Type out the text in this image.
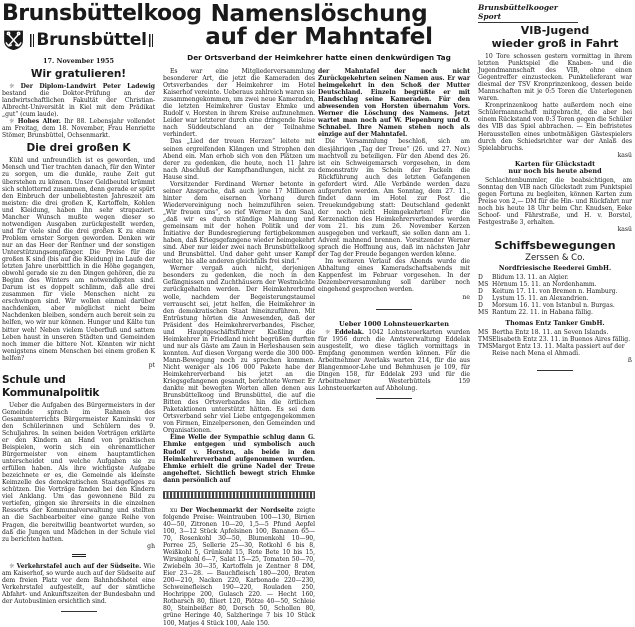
Brunsbüttelkoog
Brunsbüttel
17. November 1955
Wir gratulieren!

☼ Der Diplom-Landwirt Peter Ladewig bestand die Doktor-Prüfung an der landwirtschaftlichen Fakultät der Christian-Albrecht-Universität in Kiel mit dem Prädikat „gut“ (cum laude).

☼ Hohes Alter. Ihr 88. Lebensjahr vollendet am Freitag, dem 18. November, Frau Henriette Stömer, Brunsbüttel, Ochsenmarkt.

Die drei großen K

Kühl und unfreundlich ist es geworden, und Mensch und Tier trachten danach, für den Winter zu sorgen, um die dunkle, rauhe Zeit gut überstehen zu können. Unser Geldbeutel krümmt sich schlotternd zusammen, denn gerade er spürt den Einbruch der unbeliebtesten Jahreszeit am meisten: die drei großen K, Kartoffeln, Kohlen und Kleidung, haben ihn sehr strapaziert. Mancher Wunsch mußte wegen dieser so notwendigen Ausgaben zurückgestellt werden, und für viele sind die drei großen K zu einem Problem ernster Sorgen geworden. Denken wir nur an das Heer der Rentner und der sonstigen Unterstützungsempfänger. Die Preise für die großen K sind (bis auf die Kleidung) im Laufe der letzten Jahre unerbittlich in die Höhe gegangen, obwohl gerade sie zu den Dingen gehören, die zu Beginn des Winters am notwendigsten sind. Darum ist es doppelt schlimm, daß alle drei zusammen für viele Menschen nicht zu erschwingen sind. Wir wollen einmal darüber nachdenken, aber möglichst nicht beim Nachdenken bleiben, sondern auch bereit sein zu helfen, wo wir nur können. Hunger und Kälte tun bitter weh! Neben vielem Ueberfluß und sattem Leben haust in unseren Städten und Gemeinden noch immer die bittere Not. Könnten wir nicht wenigstens einem Menschen bei einem großen K helfen?

pt
Schule und Kommunalpolitik

Ueber die Aufgaben des Bürgermeisters in der Gemeinde sprach im Rahmen des Gesamtunterrichts Bürgermeister Kaminski vor den Schülerinnen und Schülern des 9. Schuljahres. In seinen beiden Vorträgen erklärte er den Kindern an Hand von praktischen Beispielen, worin sich ein ehrenamtlicher Bürgermeister von einem hauptamtlichen unterscheidet und welche Aufgaben sie zu erfüllen haben. Als ihre wichtigste Aufgabe bezeichnete er es, die Gemeinde als kleinste Keimzelle des demokratischen Staatsgefüges zu schützen. Die Vorträge fanden bei den Kindern viel Anklang. Um das gewonnene Bild zu vertiefen, gingen sie ihrerseits in die einzelnen Ressorts der Kommunalverwaltung und stellten an die Sachbearbeiter eine ganze Reihe von Fragen, die bereitwillig beantwortet wurden, so daß die Jungen und Mädchen in der Schule viel zu berichten hatten.

gh

☼ Verkehrstafel auch auf der Südseite. Wie am Kaiserhof, so wurde auch auf der Südseite auf dem freien Platz vor dem Bahnhofshotel eine Verkehrstafel aufgestellt, auf der sämtliche Abfahrt- und Ankunftszeiten der Bundesbahn und der Autobuslinien ersichtlich sind.

Namenslöschung
auf der Mahntafel
Der Ortsverband der Heimkehrer hatte einen denkwürdigen Tag

Es war eine Mitgliederversammlung besonderer Art, die jetzt die Kameraden des Ortsverbandes der Heimkehrer im Hotel Kaiserhof vereinte. Ueberaus zahlreich waren sie zusammengekommen, um zwei neue Kameraden, die letzten Heimkehrer Gustav Ehmke und Rudolf v. Horsten in ihrem Kreise aufzunehmen. Leider war letzterer durch eine dringende Reise nach Süddeutschland an der Teilnahme verhindert.

Das „Lied der treuen Herzen“ leitete mit seinen ergreifenden Klängen und Strophen den Abend ein. Man erhob sich von den Plätzen um derer zu gedenken, die heute, noch 11 Jahre nach Abschluß der Kampfhandlungen, nicht zu Hause sind.

Vorsitzender Ferdinand Werner betonte in seiner Ansprache, daß auch jene 17 Millionen hinter dem eisernen Vorhang durch Wiedervereinigung noch heimzuführen seien. „Wir freuen uns“, so rief Werner in den Saal, „daß wir es durch ständige Mahnung und gemeinsam mit der hohen Politik und der Initiative der Bundesregierung fertigbekommen haben, daß Kriegsgefangene wieder heimgekehrt sind. Aber nur leider zwei nach Brunsbüttelkoog und Brunsbüttel. Und daher geht unser Kampf weiter, bis alle anderen gleichfalls frei sind.“

Werner vergaß auch nicht, derjenigen besonders zu gedenken, die noch in den Gefängnissen und Zuchthäusern der Westmächte zurückgehalten werden. Der Heimkehrerbund wolle, nachdem der Begeisterungstaumel verrauscht sei, jetzt helfen, die Heimkehrer in den demokratischen Staat hineinzuführen. Mit Entrüstung hörten die Anwesenden, daß der Präsident des Heimkehrerverbandes, Fischer, und Hauptgeschäftsführer Kießling die Heimkehrer in Friedland nicht begrüßen durften und nur als Gäste am Zaun in Herleshausen sein konnten. Auf diesen Vorgang werde die 300 000-Mann-Bewegung noch zu sprechen kommen. Nicht weniger als 106 000 Pakete habe der Heimkehrerverband bis jetzt an die Kriegsgefangenen gesandt, berichtete Werner. Er dankte mit bewegten Worten allen denen aus Brunsbüttelkoog und Brunsbüttel, die auf die Bitten des Ortsverbandes hin die örtlichen Paketaktionen unterstützt hätten. Es sei dem Ortsverband sehr viel Liebe entgegengekommen von Firmen, Einzelpersonen, den Gemeinden und Organisationen.

Eine Welle der Sympathie schlug dann G. Ehmke entgegen und symbolisch auch Rudolf v. Horsten, als beide in den Heimkehrerverband aufgenommen wurden. Ehmke erhielt die grüne Nadel der Treue angeheftet. Sichtlich bewegt strich Ehmke dann persönlich auf

xu Der Wochenmarkt der Nordseite zeigte folgende Preise: Weintrauben 100—130, Birnen 40—50, Zitronen 10—20, 1,5—5 Pfund Aepfel 100, 3—12 Stück Apfelsinen 100, Bananen 65—70, Rosenkohl 30—50, Blumenkohl 10—90, Porree 25, Sellerie 25—30, Rotkohl 6 bis 8, Weißkohl 5, Grünkohl 15, Rote Bete 10 bis 15, Wirsingkohl 6—7, Salat 15—25, Tomaten 50—70, Zwiebeln 30—35, Kartoffeln je Zentner 8 DM, Eier 23—28. — Bauchfleisch 180—200, Braten 200—210, Nacken 220, Karbonade 220—230, Schweinefleisch 190—220, Rouladen 250, Hochrippe 200, Gulasch 220. — Hecht 160, Rotbarsch 80, filiert 120, Plötze 40—50, Schleie 80, Steinbeißer 80, Dorsch 50, Schollen 80, grüne Heringe 40, Salzheringe 7 bis 10 Stück 100, Matjes 4 Stück 100, Aale 150.

der Mahntafel der noch nicht Zurückgekehrten seinen Namen aus. Er war heimgekehrt in den Schoß der Mutter Deutschland. Einzeln begrüßte er mit Handschlag seine Kameraden. Für den abwesenden von Horsten übernahm Vors. Werner die Löschung des Namens. Jetzt wartet man noch auf W. Piepenburg und O. Schnabel. Ihre Namen stehen noch als einzige auf der Mahntafel.

Die Versammlung beschloß, sich am diesjährigen „Tag der Treue“ (26. und 27. Nov.) machtvoll zu beteiligen. Für den Abend des 26. ist ein Schweigemarsch vorgesehen, in dem demonstrativ im Schein der Fackeln die Rückführung auch des letzten Gefangenen gefordert wird. Alle Verbände werden dazu aufgerufen werden. Am Sonntag, dem 27. 11., findet dann im Hotel zur Post die Treuekundgebung statt: Deutschland gedenkt der noch nicht Heimgekehrten! Für die Kerzenaktion des Heimkehrerverbandes werden vom 21. bis zum 26. November Kerzen ausgegeben und verkauft, sie sollen dann am 1. Advent mahnend brennen. Vorsitzender Werner sprach die Hoffnung aus, daß im nächsten Jahr der Tag der Freude begangen werden könne.

Im weiteren Verlauf des Abends wurde die Abhaltung eines Kameradschaftsabends mit Kappenfest im Februar vorgesehen. In der Dezemberversammlung soll darüber noch eingehend gesprochen werden.

ne
Ueber 1000 Lohnsteuerkarten

☼ Eddelak. 1042 Lohnsteuerkarten wurden für 1956 durch die Amtsverwaltung Eddelak ausgestellt, wo diese täglich vormittags in Empfang genommen werden können. Für die Arbeitnehmer Averlaks warten 214, für die aus Blangenmoor-Lehe und Behmhusen je 109, für Dingen 158, für Eddelak 293 und für die Arbeitnehmer Westerbüttels 159 Lohnsteuerkarten auf Abholung.

Brunsbüttelkooger Sport
VIB-Jugend
wieder groß in Fahrt

10 Tore schossen gestern vormittag in ihrem letzten Punktspiel die Knaben- und die Jugendmannschaft des VIB, ohne einen Gegentreffer einzustecken. Punktelieferant war diesmal der TSV Kronprinzenkoog, dessen beide Mannschaften mit je 0:5 Toren die Unterlegenen waren.

Kronprinzenkoog hatte außerdem noch eine Schülermannschaft mitgebracht, die aber bei einem Rückstand von 0:3 Toren gegen die Schüler des VIB das Spiel abbrachen. — Ein befristetes Herausstellen eines unbotmäßigen Gästespielers durch den Schiedsrichter war der Anlaß des Spielabbruchs.

kasü
Karten für Glückstadt
nur noch bis heute abend

Schlachtenbummler, die beabsichtigen, am Sonntag den VIB nach Glückstadt zum Punktspiel gegen Fortuna zu begleiten, können Karten zum Preise von 2,— DM für die Hin- und Rückfahrt nur noch bis heute 18 Uhr beim Chr. Knudsen, Eeke Schoof- und Fährstraße, und H. v. Borstel, Festgestraße 3, erhalten.

kasü
Schiffsbewegungen
Zerssen & Co.
Nordfriesische Reederei GmbH.
D	Blidum 13. 11. an Algier.
MS Hörnum 15. 11. an Nordenhamm.
D	Keitum 17. 11. von Bremen n. Hamburg.
D	Lystum 15. 11. an Alexandrien.
D	Morsum 16. 11. von Istanbul n. Burgas.
MS Rantum 22. 11. in Habana fällig.
Thomas Entz Tanker GmbH.
MS Bertha Entz 18. 11. an Seven Islands.
TMS Elisabeth Entz 23. 11. in Buenos Aires fällig.
TMS Margot Entz 13. 11. Malta passiert auf der Reise nach Mena el Ahmadi.
ß
